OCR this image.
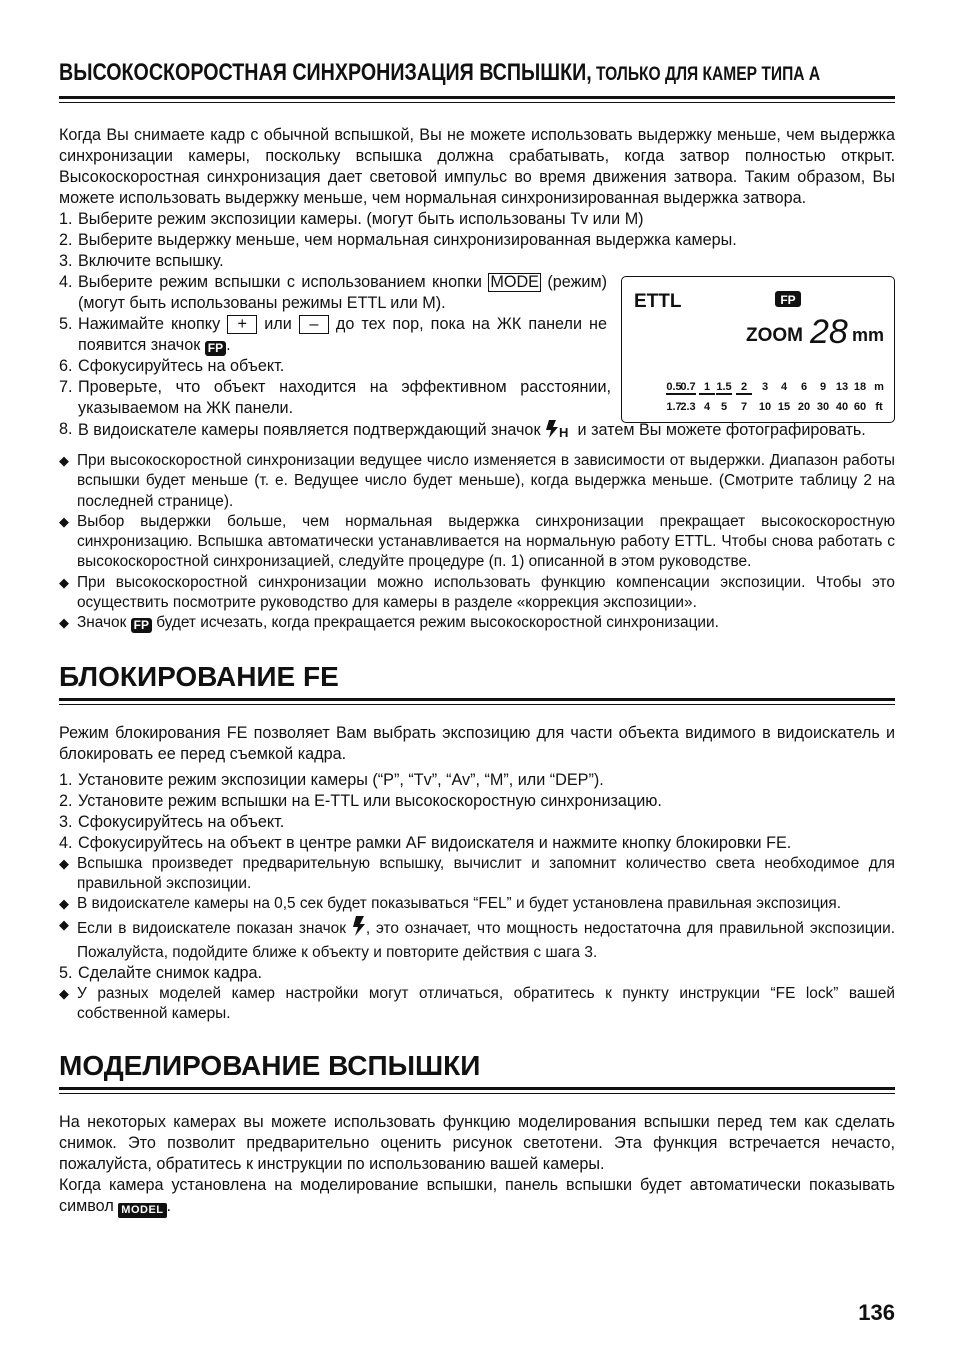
ВЫСОКОСКОРОСТНАЯ СИНХРОНИЗАЦИЯ ВСПЫШКИ, ТОЛЬКО ДЛЯ КАМЕР ТИПА A

Когда Вы снимаете кадр с обычной вспышкой, Вы не можете использовать выдержку меньше, чем выдержка синхронизации камеры, поскольку вспышка должна срабатывать, когда затвор полностью открыт. Высокоскоростная синхронизация дает световой импульс во время движения затвора. Таким образом, Вы можете использовать выдержку меньше, чем нормальная синхронизированная выдержка затвора.

1. Выберите режим экспозиции камеры. (могут быть использованы Tv или M)
2. Выберите выдержку меньше, чем нормальная синхронизированная выдержка камеры.
3. Включите вспышку.
4. Выберите режим вспышки с использованием кнопки MODE (режим) (могут быть использованы режимы ETTL или M).
5. Нажимайте кнопку + или – до тех пор, пока на ЖК панели не появится значок FP .
6. Сфокусируйтесь на объект.
7. Проверьте, что объект находится на эффективном расстоянии, указываемом на ЖК панели.
8. В видоискателе камеры появляется подтверждающий значок H и затем Вы можете фотографировать.
◆ При высокоскоростной синхронизации ведущее число изменяется в зависимости от выдержки. Диапазон работы вспышки будет меньше (т. е. Ведущее число будет меньше), когда выдержка меньше. (Смотрите таблицу 2 на последней странице).
◆ Выбор выдержки больше, чем нормальная выдержка синхронизации прекращает высокоскоростную синхронизацию. Вспышка автоматически устанавливается на нормальную работу ETTL. Чтобы снова работать с высокоскоростной синхронизацией, следуйте процедуре (п. 1) описанной в этом руководстве.
◆ При высокоскоростной синхронизации можно использовать функцию компенсации экспозиции. Чтобы это осуществить посмотрите руководство для камеры в разделе «коррекция экспозиции».
◆ Значок FP будет исчезать, когда прекращается режим высокоскоростной синхронизации.
БЛОКИРОВАНИЕ FE

Режим блокирования FE позволяет Вам выбрать экспозицию для части объекта видимого в видоискатель и блокировать ее перед съемкой кадра.

1. Установите режим экспозиции камеры (“P”, “Tv”, “Av”, “M”, или “DEP”).
2. Установите режим вспышки на E-TTL или высокоскоростную синхронизацию.
3. Сфокусируйтесь на объект.
4. Сфокусируйтесь на объект в центре рамки AF видоискателя и нажмите кнопку блокировки FE.
◆ Вспышка произведет предварительную вспышку, вычислит и запомнит количество света необходимое для правильной экспозиции.
◆ В видоискателе камеры на 0,5 сек будет показываться “FEL” и будет установлена правильная экспозиция.
◆ Если в видоискателе показан значок , это означает, что мощность недостаточна для правильной экспозиции. Пожалуйста, подойдите ближе к объекту и повторите действия с шага 3.
5. Сделайте снимок кадра.
◆ У разных моделей камер настройки могут отличаться, обратитесь к пункту инструкции “FE lock” вашей собственной камеры.
МОДЕЛИРОВАНИЕ ВСПЫШКИ

На некоторых камерах вы можете использовать функцию моделирования вспышки перед тем как сделать снимок. Это позволит предварительно оценить рисунок светотени. Эта функция встречается нечасто, пожалуйста, обратитесь к инструкции по использованию вашей камеры.

Когда камера установлена на моделирование вспышки, панель вспышки будет автоматически показывать символ MODEL .

ETTL	FP
ZOOM 28 mm
0.5
0.7 1 1.5 2 3 4 6 9 13 18 m
1.7
2.3 4 5 7 10 15 20 30 40 60 ft
136
